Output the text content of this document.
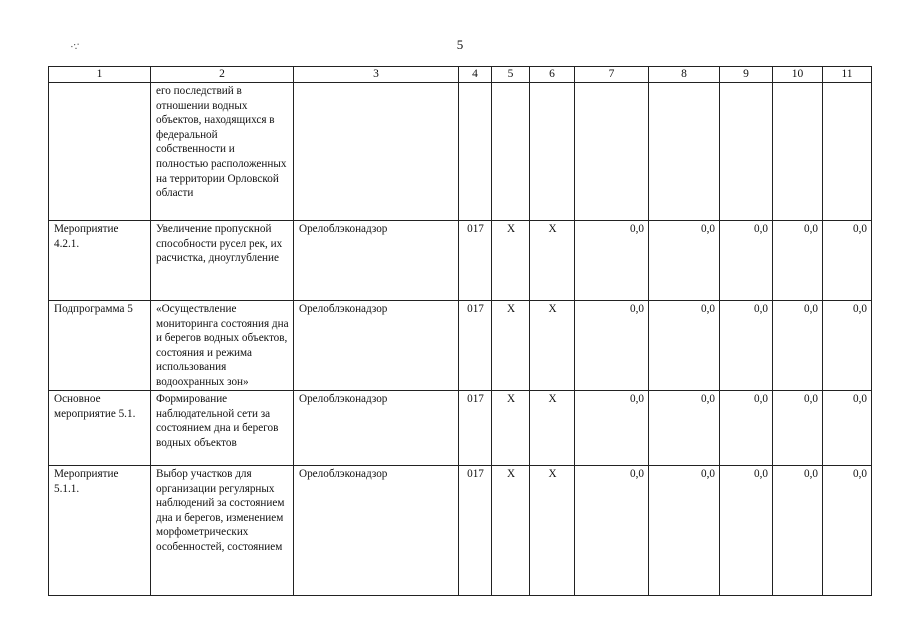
5
·:·
1	2	3	4	5	6	7	8	9	10	11
	его последствий в отношении водных объектов, находящихся в федеральной собственности и полностью расположенных на территории Орловской области									
Мероприятие 4.2.1.	Увеличение пропускной способности русел рек, их расчистка, дноуглубление	Орелоблэконадзор	017	Х	Х	0,0	0,0	0,0	0,0	0,0
Подпрограмма 5	«Осуществление мониторинга состояния дна и берегов водных объектов, состояния и режима использования водоохранных зон»	Орелоблэконадзор	017	Х	Х	0,0	0,0	0,0	0,0	0,0
Основное мероприятие 5.1.	Формирование наблюдательной сети за состоянием дна и берегов водных объектов	Орелоблэконадзор	017	Х	Х	0,0	0,0	0,0	0,0	0,0
Мероприятие 5.1.1.	Выбор участков для организации регулярных наблюдений за состоянием дна и берегов, изменением морфометрических особенностей, состоянием	Орелоблэконадзор	017	Х	Х	0,0	0,0	0,0	0,0	0,0
